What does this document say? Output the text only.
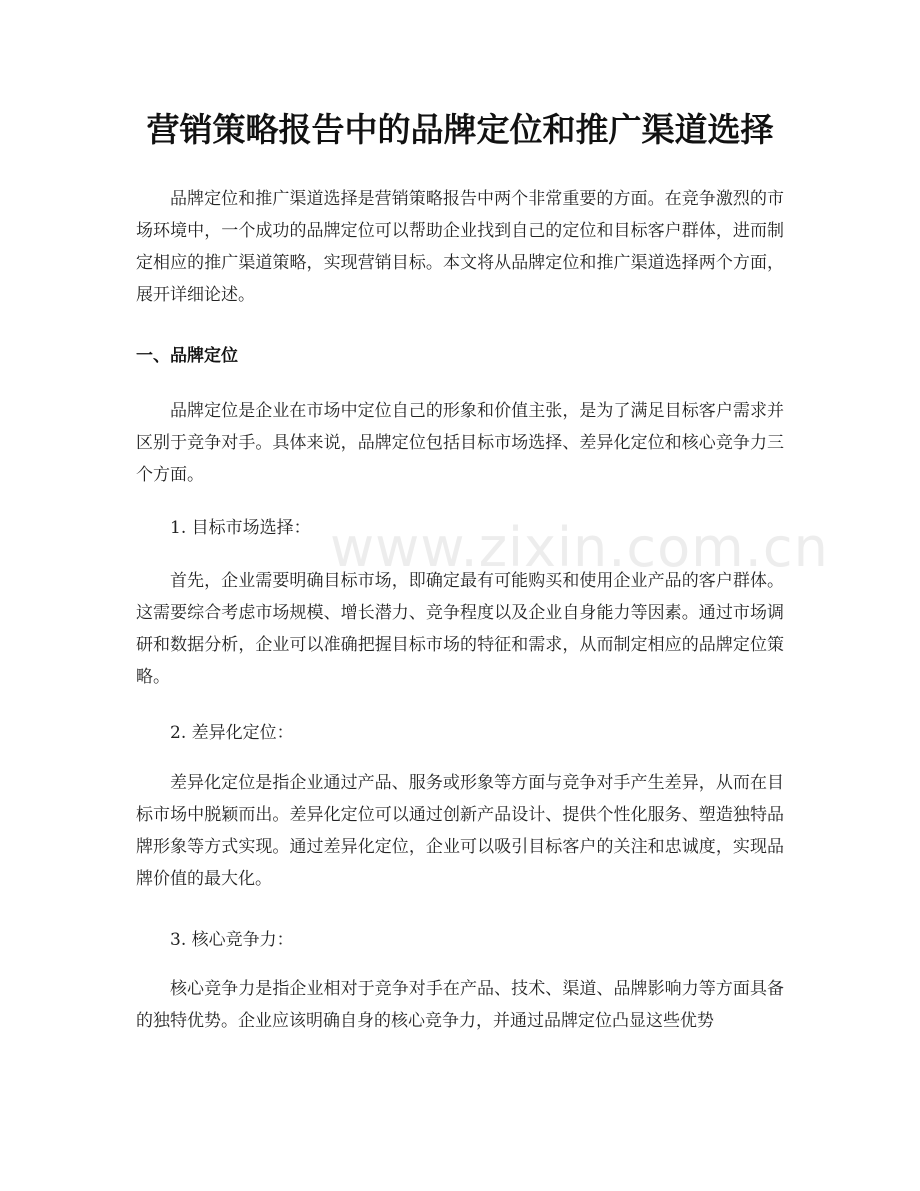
营销策略报告中的品牌定位和推广渠道选择

品牌定位和推广渠道选择是营销策略报告中两个非常重要的方面。在竞争激烈的市场环境中，一个成功的品牌定位可以帮助企业找到自己的定位和目标客户群体，进而制定相应的推广渠道策略，实现营销目标。本文将从品牌定位和推广渠道选择两个方面，展开详细论述。

一、品牌定位

品牌定位是企业在市场中定位自己的形象和价值主张，是为了满足目标客户需求并区别于竞争对手。具体来说，品牌定位包括目标市场选择、差异化定位和核心竞争力三个方面。

1. 目标市场选择：

首先，企业需要明确目标市场，即确定最有可能购买和使用企业产品的客户群体。这需要综合考虑市场规模、增长潜力、竞争程度以及企业自身能力等因素。通过市场调研和数据分析，企业可以准确把握目标市场的特征和需求，从而制定相应的品牌定位策略。

2. 差异化定位：

差异化定位是指企业通过产品、服务或形象等方面与竞争对手产生差异，从而在目标市场中脱颖而出。差异化定位可以通过创新产品设计、提供个性化服务、塑造独特品牌形象等方式实现。通过差异化定位，企业可以吸引目标客户的关注和忠诚度，实现品牌价值的最大化。

3. 核心竞争力：

核心竞争力是指企业相对于竞争对手在产品、技术、渠道、品牌影响力等方面具备的独特优势。企业应该明确自身的核心竞争力，并通过品牌定位凸显这些优势

www.zixin.com.cn
